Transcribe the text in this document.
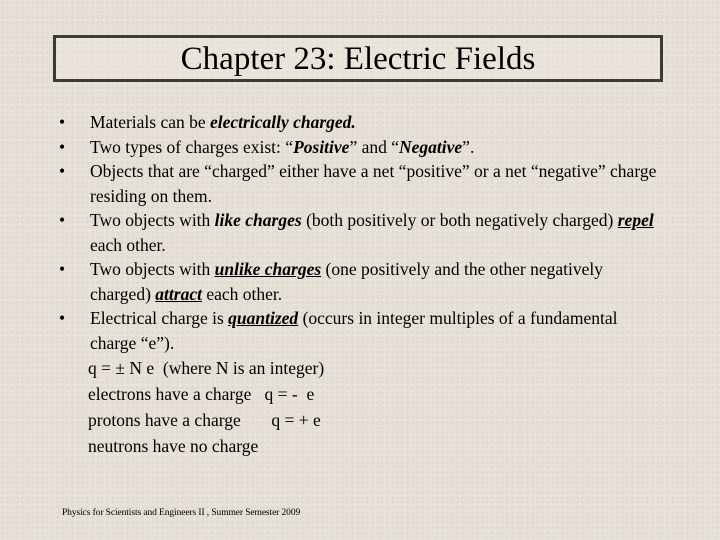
Chapter 23: Electric Fields
•	Materials can be electrically charged.
•	Two types of charges exist: “Positive” and “Negative”.
•	Objects that are “charged” either have a net “positive” or a net “negative” charge residing on them.
•	Two objects with like charges (both positively or both negatively charged) repel each other.
•	Two objects with unlike charges (one positively and the other negatively charged) attract each other.
•	Electrical charge is quantized (occurs in integer multiples of a fundamental charge “e”).
q = ± N e  (where N is an integer)
electrons have a charge   q = -  e
protons have a charge       q = + e
neutrons have no charge
Physics for Scientists and Engineers II , Summer Semester 2009
